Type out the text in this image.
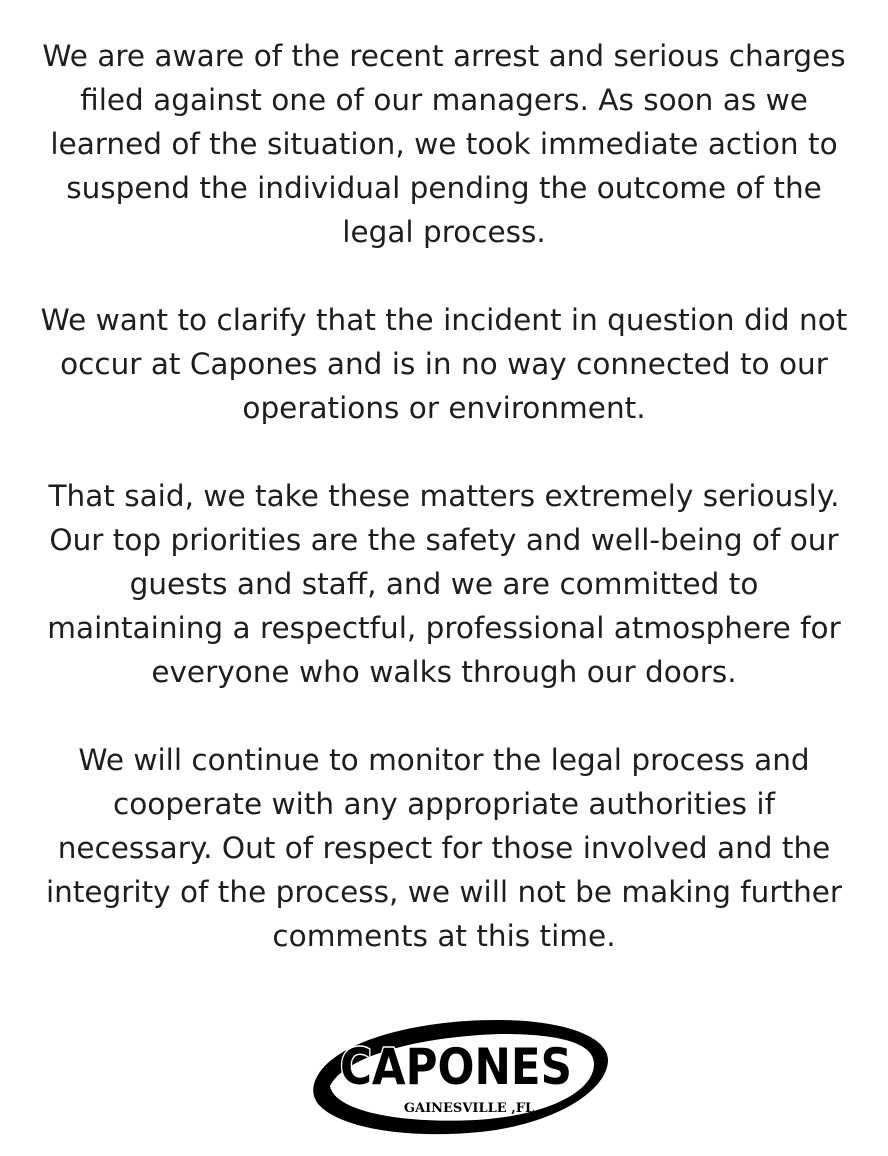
We are aware of the recent arrest and serious charges filed against one of our managers. As soon as we learned of the situation, we took immediate action to suspend the individual pending the outcome of the legal process.

We want to clarify that the incident in question did not occur at Capones and is in no way connected to our operations or environment.

That said, we take these matters extremely seriously. Our top priorities are the safety and well-being of our guests and staff, and we are committed to maintaining a respectful, professional atmosphere for everyone who walks through our doors.

We will continue to monitor the legal process and cooperate with any appropriate authorities if necessary. Out of respect for those involved and the integrity of the process, we will not be making further comments at this time.

CAPONES
GAINESVILLE ,FL
